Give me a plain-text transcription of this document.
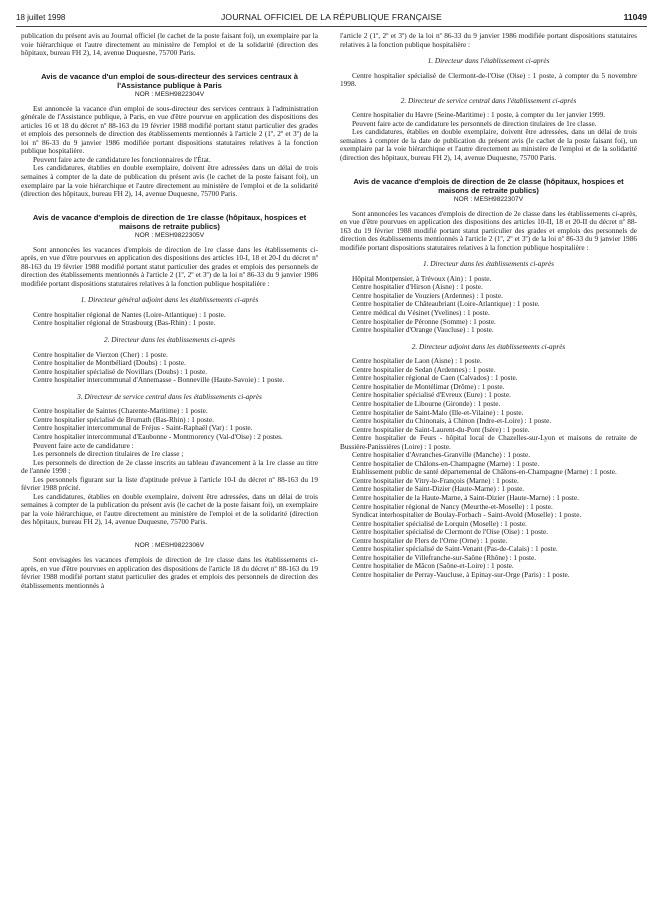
18 juillet 1998	JOURNAL OFFICIEL DE LA RÉPUBLIQUE FRANÇAISE	11049

publication du présent avis au Journal officiel (le cachet de la poste faisant foi), un exemplaire par la voie hiérarchique et l'autre directement au ministère de l'emploi et de la solidarité (direction des hôpitaux, bureau FH 2), 14, avenue Duquesne, 75700 Paris.

Avis de vacance d'un emploi de sous-directeur des services centraux à l'Assistance publique à Paris
NOR : MESH9822304V

Est annoncée la vacance d'un emploi de sous-directeur des services centraux à l'administration générale de l'Assistance publique, à Paris, en vue d'être pourvue en application des dispositions des articles 16 et 18 du décret nº 88-163 du 19 février 1988 modifié portant statut particulier des grades et emplois des personnels de direction des établissements mentionnés à l'article 2 (1º, 2º et 3º) de la loi nº 86-33 du 9 janvier 1986 modifiée portant dispositions statutaires relatives à la fonction publique hospitalière.

Peuvent faire acte de candidature les fonctionnaires de l'État.

Les candidatures, établies en double exemplaire, doivent être adressées dans un délai de trois semaines à compter de la date de publication du présent avis (le cachet de la poste faisant foi), un exemplaire par la voie hiérarchique et l'autre directement au ministère de l'emploi et de la solidarité (direction des hôpitaux, bureau FH 2), 14, avenue Duquesne, 75700 Paris.

Avis de vacance d'emplois de direction de 1re classe (hôpitaux, hospices et maisons de retraite publics)
NOR : MESH9822305V

Sont annoncées les vacances d'emplois de direction de 1re classe dans les établissements ci-après, en vue d'être pourvues en application des dispositions des articles 10-I, 18 et 20-I du décret nº 88-163 du 19 février 1988 modifié portant statut particulier des grades et emplois des personnels de direction des établissements mentionnés à l'article 2 (1º, 2º et 3º) de la loi nº 86-33 du 9 janvier 1986 modifiée portant dispositions statutaires relatives à la fonction publique hospitalière :

1. Directeur général adjoint dans les établissements ci-après

Centre hospitalier régional de Nantes (Loire-Atlantique) : 1 poste.

Centre hospitalier régional de Strasbourg (Bas-Rhin) : 1 poste.

2. Directeur dans les établissements ci-après

Centre hospitalier de Vierzon (Cher) : 1 poste.

Centre hospitalier de Montbéliard (Doubs) : 1 poste.

Centre hospitalier spécialisé de Novillars (Doubs) : 1 poste.

Centre hospitalier intercommunal d'Annemasse - Bonneville (Haute-Savoie) : 1 poste.

3. Directeur de service central dans les établissements ci-après

Centre hospitalier de Saintes (Charente-Maritime) : 1 poste.

Centre hospitalier spécialisé de Brumath (Bas-Rhin) : 1 poste.

Centre hospitalier intercommunal de Fréjus - Saint-Raphaël (Var) : 1 poste.

Centre hospitalier intercommunal d'Eaubonne - Montmorency (Val-d'Oise) : 2 postes.

Peuvent faire acte de candidature :

Les personnels de direction titulaires de 1re classe ;

Les personnels de direction de 2e classe inscrits au tableau d'avancement à la 1re classe au titre de l'année 1998 ;

Les personnels figurant sur la liste d'aptitude prévue à l'article 10-I du décret nº 88-163 du 19 février 1988 précité.

Les candidatures, établies en double exemplaire, doivent être adressées, dans un délai de trois semaines à compter de la publication du présent avis (le cachet de la poste faisant foi), un exemplaire par la voie hiérarchique, et l'autre directement au ministère de l'emploi et de la solidarité (direction des hôpitaux, bureau FH 2), 14, avenue Duquesne, 75700 Paris.

NOR : MESH9822306V

Sont envisagées les vacances d'emplois de direction de 1re classe dans les établissements ci-après, en vue d'être pourvues en application des dispositions de l'article 18 du décret nº 88-163 du 19 février 1988 modifié portant statut particulier des grades et emplois des personnels de direction des établissements mentionnés à

l'article 2 (1º, 2º et 3º) de la loi nº 86-33 du 9 janvier 1986 modifiée portant dispositions statutaires relatives à la fonction publique hospitalière :

1. Directeur dans l'établissement ci-après

Centre hospitalier spécialisé de Clermont-de-l'Oise (Oise) : 1 poste, à compter du 5 novembre 1998.

2. Directeur de service central dans l'établissement ci-après

Centre hospitalier du Havre (Seine-Maritime) : 1 poste, à compter du 1er janvier 1999.

Peuvent faire acte de candidature les personnels de direction titulaires de 1re classe.

Les candidatures, établies en double exemplaire, doivent être adressées, dans un délai de trois semaines à compter de la date de publication du présent avis (le cachet de la poste faisant foi), un exemplaire par la voie hiérarchique et l'autre directement au ministère de l'emploi et de la solidarité (direction des hôpitaux, bureau FH 2), 14, avenue Duquesne, 75700 Paris.

Avis de vacance d'emplois de direction de 2e classe (hôpitaux, hospices et maisons de retraite publics)
NOR : MESH9822307V

Sont annoncées les vacances d'emplois de direction de 2e classe dans les établissements ci-après, en vue d'être pourvues en application des dispositions des articles 10-II, 18 et 20-II du décret nº 88-163 du 19 février 1988 modifié portant statut particulier des grades et emplois des personnels de direction des établissements mentionnés à l'article 2 (1º, 2º et 3º) de la loi nº 86-33 du 9 janvier 1986 modifiée portant dispositions statutaires relatives à la fonction publique hospitalière :

1. Directeur dans les établissements ci-après

Hôpital Montpensier, à Trévoux (Ain) : 1 poste.

Centre hospitalier d'Hirson (Aisne) : 1 poste.

Centre hospitalier de Vouziers (Ardennes) : 1 poste.

Centre hospitalier de Châteaubriant (Loire-Atlantique) : 1 poste.

Centre médical du Vésinet (Yvelines) : 1 poste.

Centre hospitalier de Péronne (Somme) : 1 poste.

Centre hospitalier d'Orange (Vaucluse) : 1 poste.

2. Directeur adjoint dans les établissements ci-après

Centre hospitalier de Laon (Aisne) : 1 poste.

Centre hospitalier de Sedan (Ardennes) : 1 poste.

Centre hospitalier régional de Caen (Calvados) : 1 poste.

Centre hospitalier de Montélimar (Drôme) : 1 poste.

Centre hospitalier spécialisé d'Evreux (Eure) : 1 poste.

Centre hospitalier de Libourne (Gironde) : 1 poste.

Centre hospitalier de Saint-Malo (Ille-et-Vilaine) : 1 poste.

Centre hospitalier du Chinonais, à Chinon (Indre-et-Loire) : 1 poste.

Centre hospitalier de Saint-Laurent-du-Pont (Isère) : 1 poste.

Centre hospitalier de Feurs - hôpital local de Chazelles-sur-Lyon et maisons de retraite de Bussière-Panissières (Loire) : 1 poste.

Centre hospitalier d'Avranches-Granville (Manche) : 1 poste.

Centre hospitalier de Châlons-en-Champagne (Marne) : 1 poste.

Etablissement public de santé départemental de Châlons-en-Champagne (Marne) : 1 poste.

Centre hospitalier de Vitry-le-François (Marne) : 1 poste.

Centre hospitalier de Saint-Dizier (Haute-Marne) : 1 poste.

Centre hospitalier de la Haute-Marne, à Saint-Dizier (Haute-Marne) : 1 poste.

Centre hospitalier régional de Nancy (Meurthe-et-Moselle) : 1 poste.

Syndicat interhospitalier de Boulay-Forbach - Saint-Avold (Moselle) : 1 poste.

Centre hospitalier spécialisé de Lorquin (Moselle) : 1 poste.

Centre hospitalier spécialisé de Clermont de l'Oise (Oise) : 1 poste.

Centre hospitalier de Flers de l'Orne (Orne) : 1 poste.

Centre hospitalier spécialisé de Saint-Venant (Pas-de-Calais) : 1 poste.

Centre hospitalier de Villefranche-sur-Saône (Rhône) : 1 poste.

Centre hospitalier de Mâcon (Saône-et-Loire) : 1 poste.

Centre hospitalier de Perray-Vaucluse, à Epinay-sur-Orge (Paris) : 1 poste.
